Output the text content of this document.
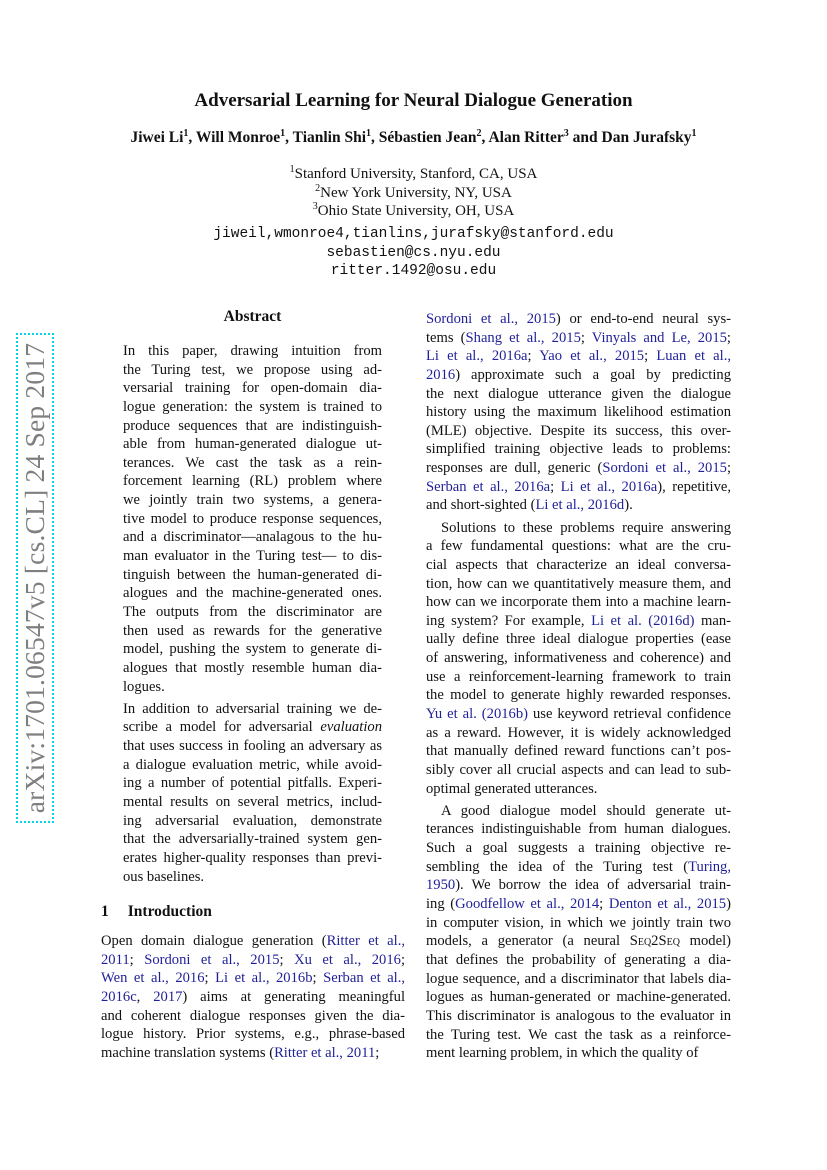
Adversarial Learning for Neural Dialogue Generation
Jiwei Li$^1$, Will Monroe$^1$, Tianlin Shi$^1$, Sébastien Jean$^2$, Alan Ritter$^3$ and Dan Jurafsky$^1$
$^1$Stanford University, Stanford, CA, USA
$^2$New York University, NY, USA
$^3$Ohio State University, OH, USA
jiweil,wmonroe4,tianlins,jurafsky@stanford.edu
sebastien@cs.nyu.edu
ritter.1492@osu.edu
arXiv:1701.06547v5 [cs.CL] 24 Sep 2017
Abstract
In this paper, drawing intuition from
the Turing test, we propose using ad-
versarial training for open-domain dia-
logue generation: the system is trained to
produce sequences that are indistinguish-
able from human-generated dialogue ut-
terances. We cast the task as a rein-
forcement learning (RL) problem where
we jointly train two systems, a genera-
tive model to produce response sequences,
and a discriminator—analagous to the hu-
man evaluator in the Turing test— to dis-
tinguish between the human-generated di-
alogues and the machine-generated ones.
The outputs from the discriminator are
then used as rewards for the generative
model, pushing the system to generate di-
alogues that mostly resemble human dia-
logues.
In addition to adversarial training we de-
scribe a model for adversarial evaluation
that uses success in fooling an adversary as
a dialogue evaluation metric, while avoid-
ing a number of potential pitfalls. Experi-
mental results on several metrics, includ-
ing adversarial evaluation, demonstrate
that the adversarially-trained system gen-
erates higher-quality responses than previ-
ous baselines.
1 Introduction
Open domain dialogue generation (Ritter et al.,
2011; Sordoni et al., 2015; Xu et al., 2016;
Wen et al., 2016; Li et al., 2016b; Serban et al.,
2016c, 2017) aims at generating meaningful
and coherent dialogue responses given the dia-
logue history. Prior systems, e.g., phrase-based
machine translation systems (Ritter et al., 2011;
Sordoni et al., 2015) or end-to-end neural sys-
tems (Shang et al., 2015; Vinyals and Le, 2015;
Li et al., 2016a; Yao et al., 2015; Luan et al.,
2016) approximate such a goal by predicting
the next dialogue utterance given the dialogue
history using the maximum likelihood estimation
(MLE) objective. Despite its success, this over-
simplified training objective leads to problems:
responses are dull, generic (Sordoni et al., 2015;
Serban et al., 2016a; Li et al., 2016a), repetitive,
and short-sighted (Li et al., 2016d).
Solutions to these problems require answering
a few fundamental questions: what are the cru-
cial aspects that characterize an ideal conversa-
tion, how can we quantitatively measure them, and
how can we incorporate them into a machine learn-
ing system? For example, Li et al. (2016d) man-
ually define three ideal dialogue properties (ease
of answering, informativeness and coherence) and
use a reinforcement-learning framework to train
the model to generate highly rewarded responses.
Yu et al. (2016b) use keyword retrieval confidence
as a reward. However, it is widely acknowledged
that manually defined reward functions can’t pos-
sibly cover all crucial aspects and can lead to sub-
optimal generated utterances.
A good dialogue model should generate ut-
terances indistinguishable from human dialogues.
Such a goal suggests a training objective re-
sembling the idea of the Turing test (Turing,
1950). We borrow the idea of adversarial train-
ing (Goodfellow et al., 2014; Denton et al., 2015)
in computer vision, in which we jointly train two
models, a generator (a neural Seq2Seq model)
that defines the probability of generating a dia-
logue sequence, and a discriminator that labels dia-
logues as human-generated or machine-generated.
This discriminator is analogous to the evaluator in
the Turing test. We cast the task as a reinforce-
ment learning problem, in which the quality of
